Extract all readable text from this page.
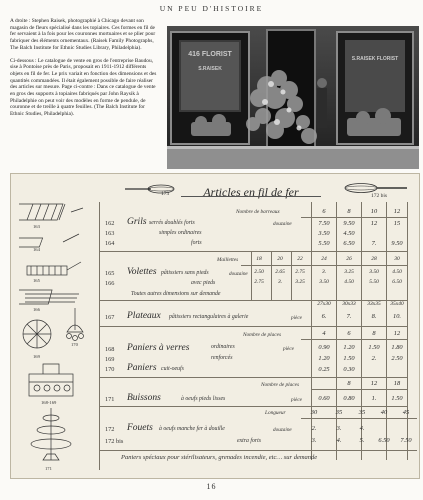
UN PEU D'HISTOIRE

A droite : Stephen Raisek, photographié à Chicago devant son magasin de fleurs spécialisé dans les topiaires. Ces formes en fil de fer servaient à la fois pour les couronnes mortuaires et se plier pour fabriquer des éléments ornementaux. (Raisek Family Photographs, The Balch Institute for Ethnic Studies Library, Philadelphia).

Ci-dessous : Le catalogue de vente en gros de l'entreprise Baudou, sise à Pontoise près de Paris, proposait en 1911-1912 différents objets en fil de fer. Le prix variait en fonction des dimensions et des quantités commandées. Il était également possible de faire réaliser des articles sur mesure. Page ci-contre : Dans ce catalogue de vente en gros des supports à topiaires fabriqués par John Raysik à Philadelphie on peut voir des modèles en forme de pendule, de couronne et de treille à quatre feuilles. (The Balch Institute for Ethnic Studies, Philadelphia).

416 FLORIST
S.RAISEK
S.RAISEK FLORIST
173	Articles en fil de fer	172 bis
163
164
165
166
169
170
168-169
171
Nombre de barreaux	6	8	10	12
162 Grils serrés doublés forts	douzaine	7.50	9.50	12	15
163	simples ordinaires	3.50	4.50
164	forts	5.50	6.50	7.	9.50
Maillettes	18	20	22	24	26	28	30
165 Volettes pâtissiers sans pieds	douzaine	2.50	2.65	2.75	3.	3.25	3.50	4.50
166	avec pieds	2.75	3.	3.25	3.50	4.50	5.50	6.50
Toutes autres dimensions sur demande
27x30	30x33	33x35	35x40
167 Plateaux pâtissiers rectangulaires à galerie	pièce	6.	7.	8.	10.
Nombre de places	4	6	8	12
168 Paniers à verres	ordinaires	pièce	0.90	1.20	1.50	1.80
169	renforcés	1.20	1.50	2.	2.50
170 Paniers cuit-oeufs	0.25	0.30
Nombre de places	8	12	18
171 Buissons	à oeufs pieds lisses	pièce	0.60	0.80	1.	1.50
Longueur	30	35	35	40	45
172 Fouets à oeufs manche fer à douille	douzaine	2.	3.	4.
172 bis	extra forts	3.	4.	5.	6.50	7.50
Paniers spéciaux pour stérilisateurs, grenades incendie, etc… sur demande
16
